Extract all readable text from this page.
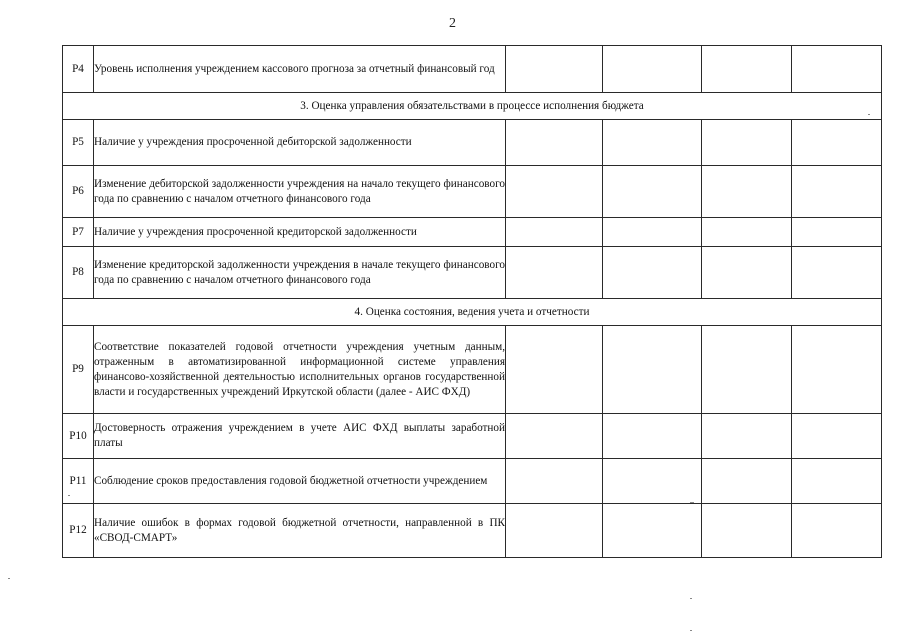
2
Р4	Уровень исполнения учреждением кассового прогноза за отчетный финансовый год				
3. Оценка управления обязательствами в процессе исполнения бюджета					
Р5	Наличие у учреждения просроченной дебиторской задолженности				
Р6	Изменение дебиторской задолженности учреждения на начало текущего финансового года по сравнению с началом отчетного финансового года				
Р7	Наличие у учреждения просроченной кредиторской задолженности				
Р8	Изменение кредиторской задолженности учреждения в начале текущего финансового года по сравнению с началом отчетного финансового года				
4. Оценка состояния, ведения учета и отчетности					
Р9	Соответствие показателей годовой отчетности учреждения учетным данным, отраженным в автоматизированной информационной системе управления финансово-хозяйственной деятельностью исполнительных органов государственной власти и государственных учреждений Иркутской области (далее - АИС ФХД)				
Р10	Достоверность отражения учреждением в учете АИС ФХД выплаты заработной платы				
Р11	Соблюдение сроков предоставления годовой бюджетной отчетности учреждением				
Р12	Наличие ошибок в формах годовой бюджетной отчетности, направленной в ПК «СВОД-СМАРТ»				
